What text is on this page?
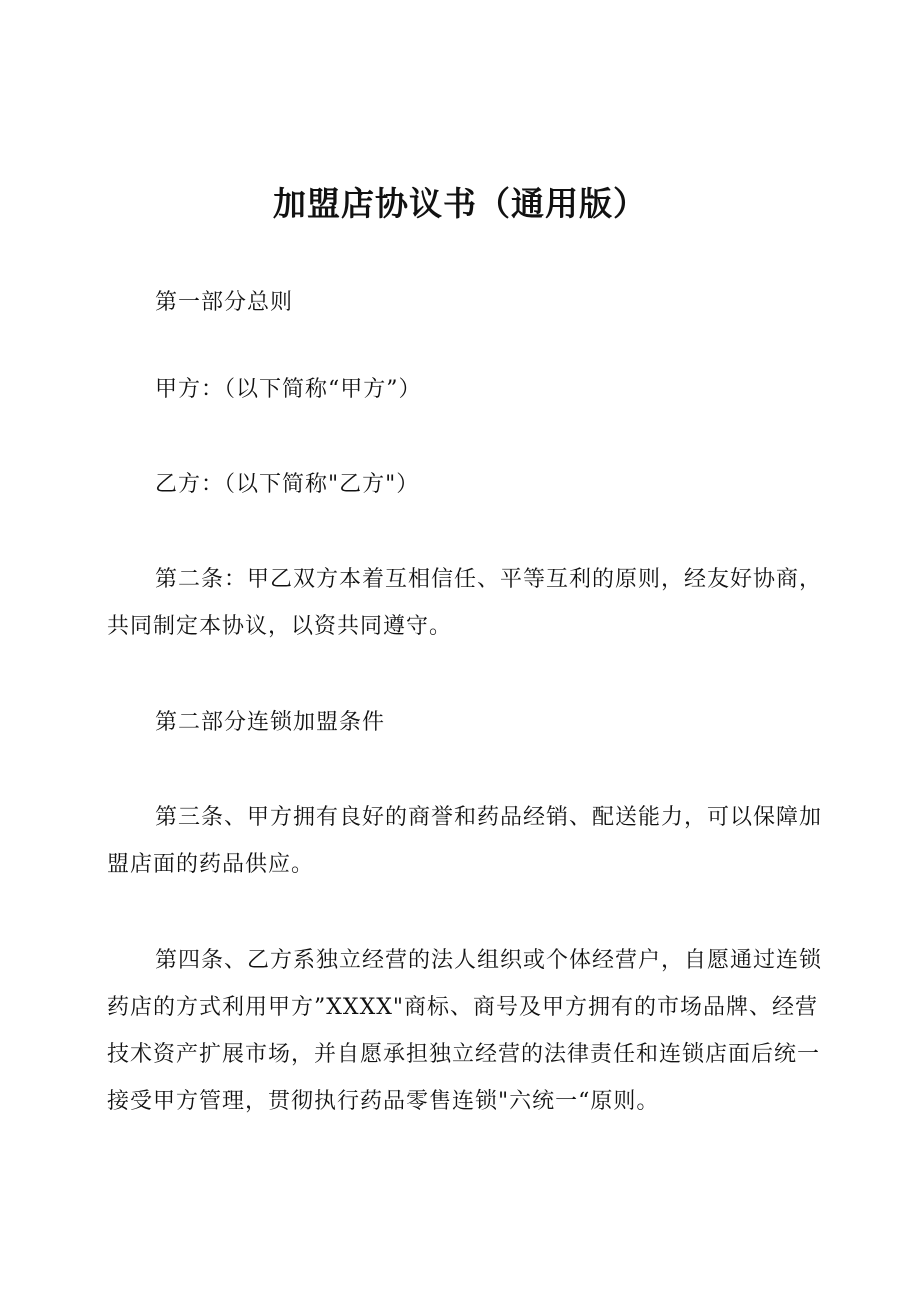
加盟店协议书（通用版）

第一部分总则

甲方：（以下简称“甲方”）

乙方：（以下简称"乙方"）

第二条：甲乙双方本着互相信任、平等互利的原则，经友好协商，
共同制定本协议，以资共同遵守。

第二部分连锁加盟条件

第三条、甲方拥有良好的商誉和药品经销、配送能力，可以保障加
盟店面的药品供应。

第四条、乙方系独立经营的法人组织或个体经营户，自愿通过连锁
药店的方式利用甲方”XXXX"商标、商号及甲方拥有的市场品牌、经营
技术资产扩展市场，并自愿承担独立经营的法律责任和连锁店面后统一
接受甲方管理，贯彻执行药品零售连锁"六统一“原则。
